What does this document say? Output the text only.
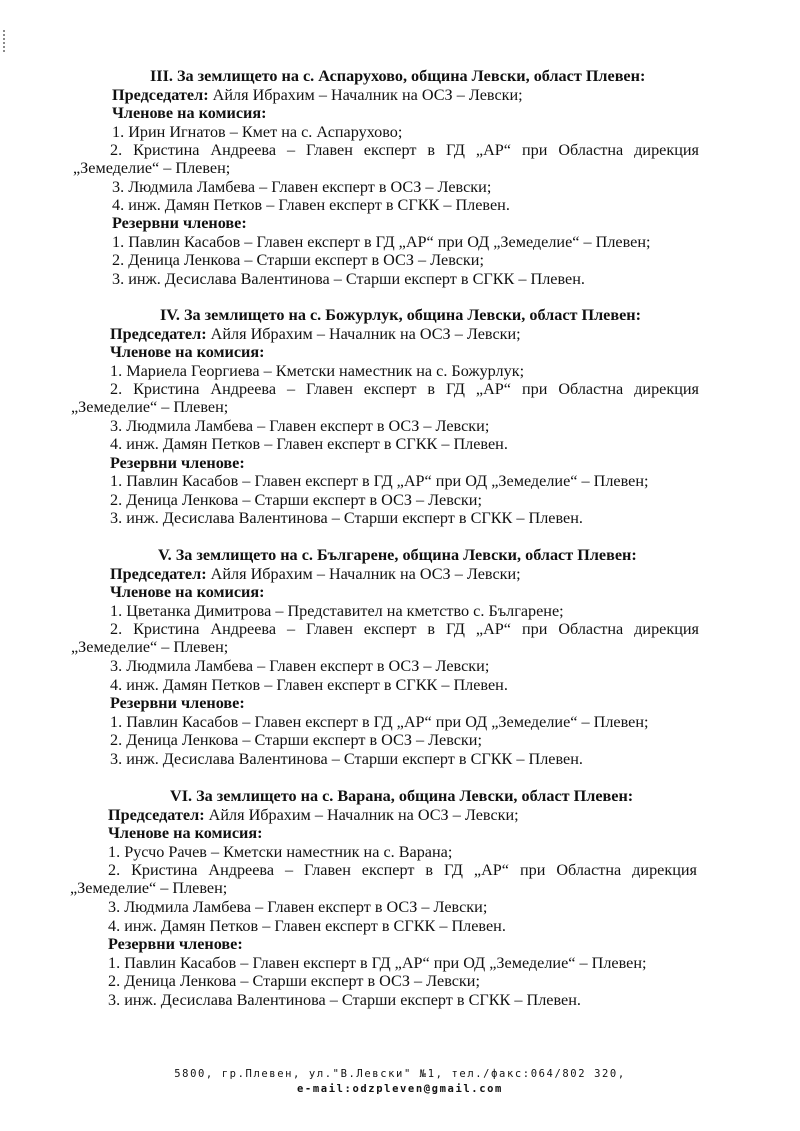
III. За землището на с. Аспарухово, община Левски, област Плевен:
Председател: Айля Ибрахим – Началник на ОСЗ – Левски;
Членове на комисия:
1. Ирин Игнатов – Кмет на с. Аспарухово;
2. Кристина Андреева – Главен експерт в ГД „АР“ при Областна дирекция
„Земеделие“ – Плевен;
3. Людмила Ламбева – Главен експерт в ОСЗ – Левски;
4. инж. Дамян Петков – Главен експерт в СГКК – Плевен.
Резервни членове:
1. Павлин Касабов – Главен експерт в ГД „АР“ при ОД „Земеделие“ – Плевен;
2. Деница Ленкова – Старши експерт в ОСЗ – Левски;
3. инж. Десислава Валентинова – Старши експерт в СГКК – Плевен.
IV. За землището на с. Божурлук, община Левски, област Плевен:
Председател: Айля Ибрахим – Началник на ОСЗ – Левски;
Членове на комисия:
1. Мариела Георгиева – Кметски наместник на с. Божурлук;
2. Кристина Андреева – Главен експерт в ГД „АР“ при Областна дирекция
„Земеделие“ – Плевен;
3. Людмила Ламбева – Главен експерт в ОСЗ – Левски;
4. инж. Дамян Петков – Главен експерт в СГКК – Плевен.
Резервни членове:
1. Павлин Касабов – Главен експерт в ГД „АР“ при ОД „Земеделие“ – Плевен;
2. Деница Ленкова – Старши експерт в ОСЗ – Левски;
3. инж. Десислава Валентинова – Старши експерт в СГКК – Плевен.
V. За землището на с. Българене, община Левски, област Плевен:
Председател: Айля Ибрахим – Началник на ОСЗ – Левски;
Членове на комисия:
1. Цветанка Димитрова – Представител на кметство с. Българене;
2. Кристина Андреева – Главен експерт в ГД „АР“ при Областна дирекция
„Земеделие“ – Плевен;
3. Людмила Ламбева – Главен експерт в ОСЗ – Левски;
4. инж. Дамян Петков – Главен експерт в СГКК – Плевен.
Резервни членове:
1. Павлин Касабов – Главен експерт в ГД „АР“ при ОД „Земеделие“ – Плевен;
2. Деница Ленкова – Старши експерт в ОСЗ – Левски;
3. инж. Десислава Валентинова – Старши експерт в СГКК – Плевен.
VI. За землището на с. Варана, община Левски, област Плевен:
Председател: Айля Ибрахим – Началник на ОСЗ – Левски;
Членове на комисия:
1. Русчо Рачев – Кметски наместник на с. Варана;
2. Кристина Андреева – Главен експерт в ГД „АР“ при Областна дирекция
„Земеделие“ – Плевен;
3. Людмила Ламбева – Главен експерт в ОСЗ – Левски;
4. инж. Дамян Петков – Главен експерт в СГКК – Плевен.
Резервни членове:
1. Павлин Касабов – Главен експерт в ГД „АР“ при ОД „Земеделие“ – Плевен;
2. Деница Ленкова – Старши експерт в ОСЗ – Левски;
3. инж. Десислава Валентинова – Старши експерт в СГКК – Плевен.
5800, гр.Плевен, ул."В.Левски" №1, тел./факс:064/802 320,
e-mail:odzpleven@gmail.com
